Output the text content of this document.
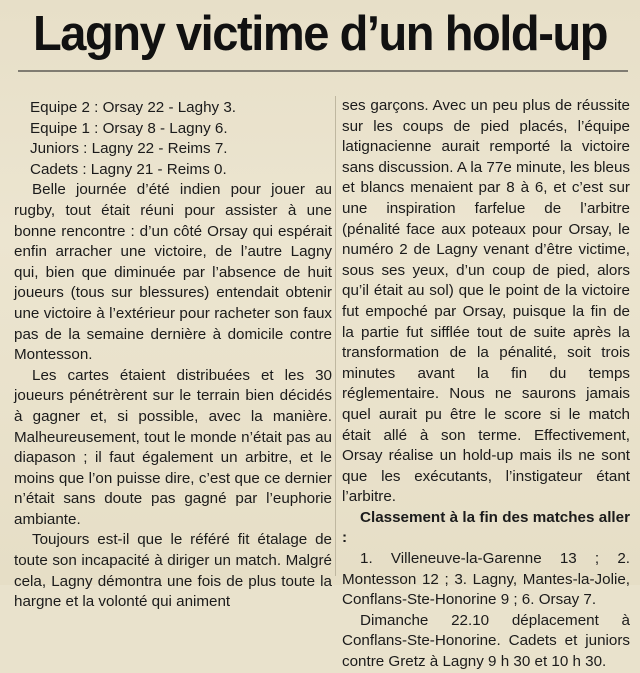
Lagny victime d’un hold-up
Equipe 2 : Orsay 22 - Laghy 3.
Equipe 1 : Orsay 8 - Lagny 6.
Juniors : Lagny 22 - Reims 7.
Cadets : Lagny 21 - Reims 0.

Belle journée d’été indien pour jouer au rugby, tout était réuni pour assister à une bonne rencontre : d’un côté Orsay qui espérait enfin arracher une victoire, de l’autre Lagny qui, bien que diminuée par l’absence de huit joueurs (tous sur blessures) entendait obtenir une victoire à l’extérieur pour racheter son faux pas de la semaine dernière à domicile contre Montesson.

Les cartes étaient distribuées et les 30 joueurs pénétrèrent sur le terrain bien décidés à gagner et, si possible, avec la manière. Malheureusement, tout le monde n’était pas au diapason ; il faut également un arbitre, et le moins que l’on puisse dire, c’est que ce dernier n’était sans doute pas gagné par l’euphorie ambiante.

Toujours est-il que le référé fit étalage de toute son incapacité à diriger un match. Malgré cela, Lagny démontra une fois de plus toute la hargne et la volonté qui animent

ses garçons. Avec un peu plus de réussite sur les coups de pied placés, l’équipe latignacienne aurait remporté la victoire sans discussion. A la 77e minute, les bleus et blancs menaient par 8 à 6, et c’est sur une inspiration farfelue de l’arbitre (pénalité face aux poteaux pour Orsay, le numéro 2 de Lagny venant d’être victime, sous ses yeux, d’un coup de pied, alors qu’il était au sol) que le point de la victoire fut empoché par Orsay, puisque la fin de la partie fut sifflée tout de suite après la transformation de la pénalité, soit trois minutes avant la fin du temps réglementaire. Nous ne saurons jamais quel aurait pu être le score si le match était allé à son terme. Effectivement, Orsay réalise un hold-up mais ils ne sont que les exécutants, l’instigateur étant l’arbitre.

Classement à la fin des matches aller :

1. Villeneuve-la-Garenne 13 ; 2. Montesson 12 ; 3. Lagny, Mantes-la-Jolie, Conflans-Ste-Honorine 9 ; 6. Orsay 7.

Dimanche 22.10 déplacement à Conflans-Ste-Honorine. Cadets et juniors contre Gretz à Lagny 9 h 30 et 10 h 30.
